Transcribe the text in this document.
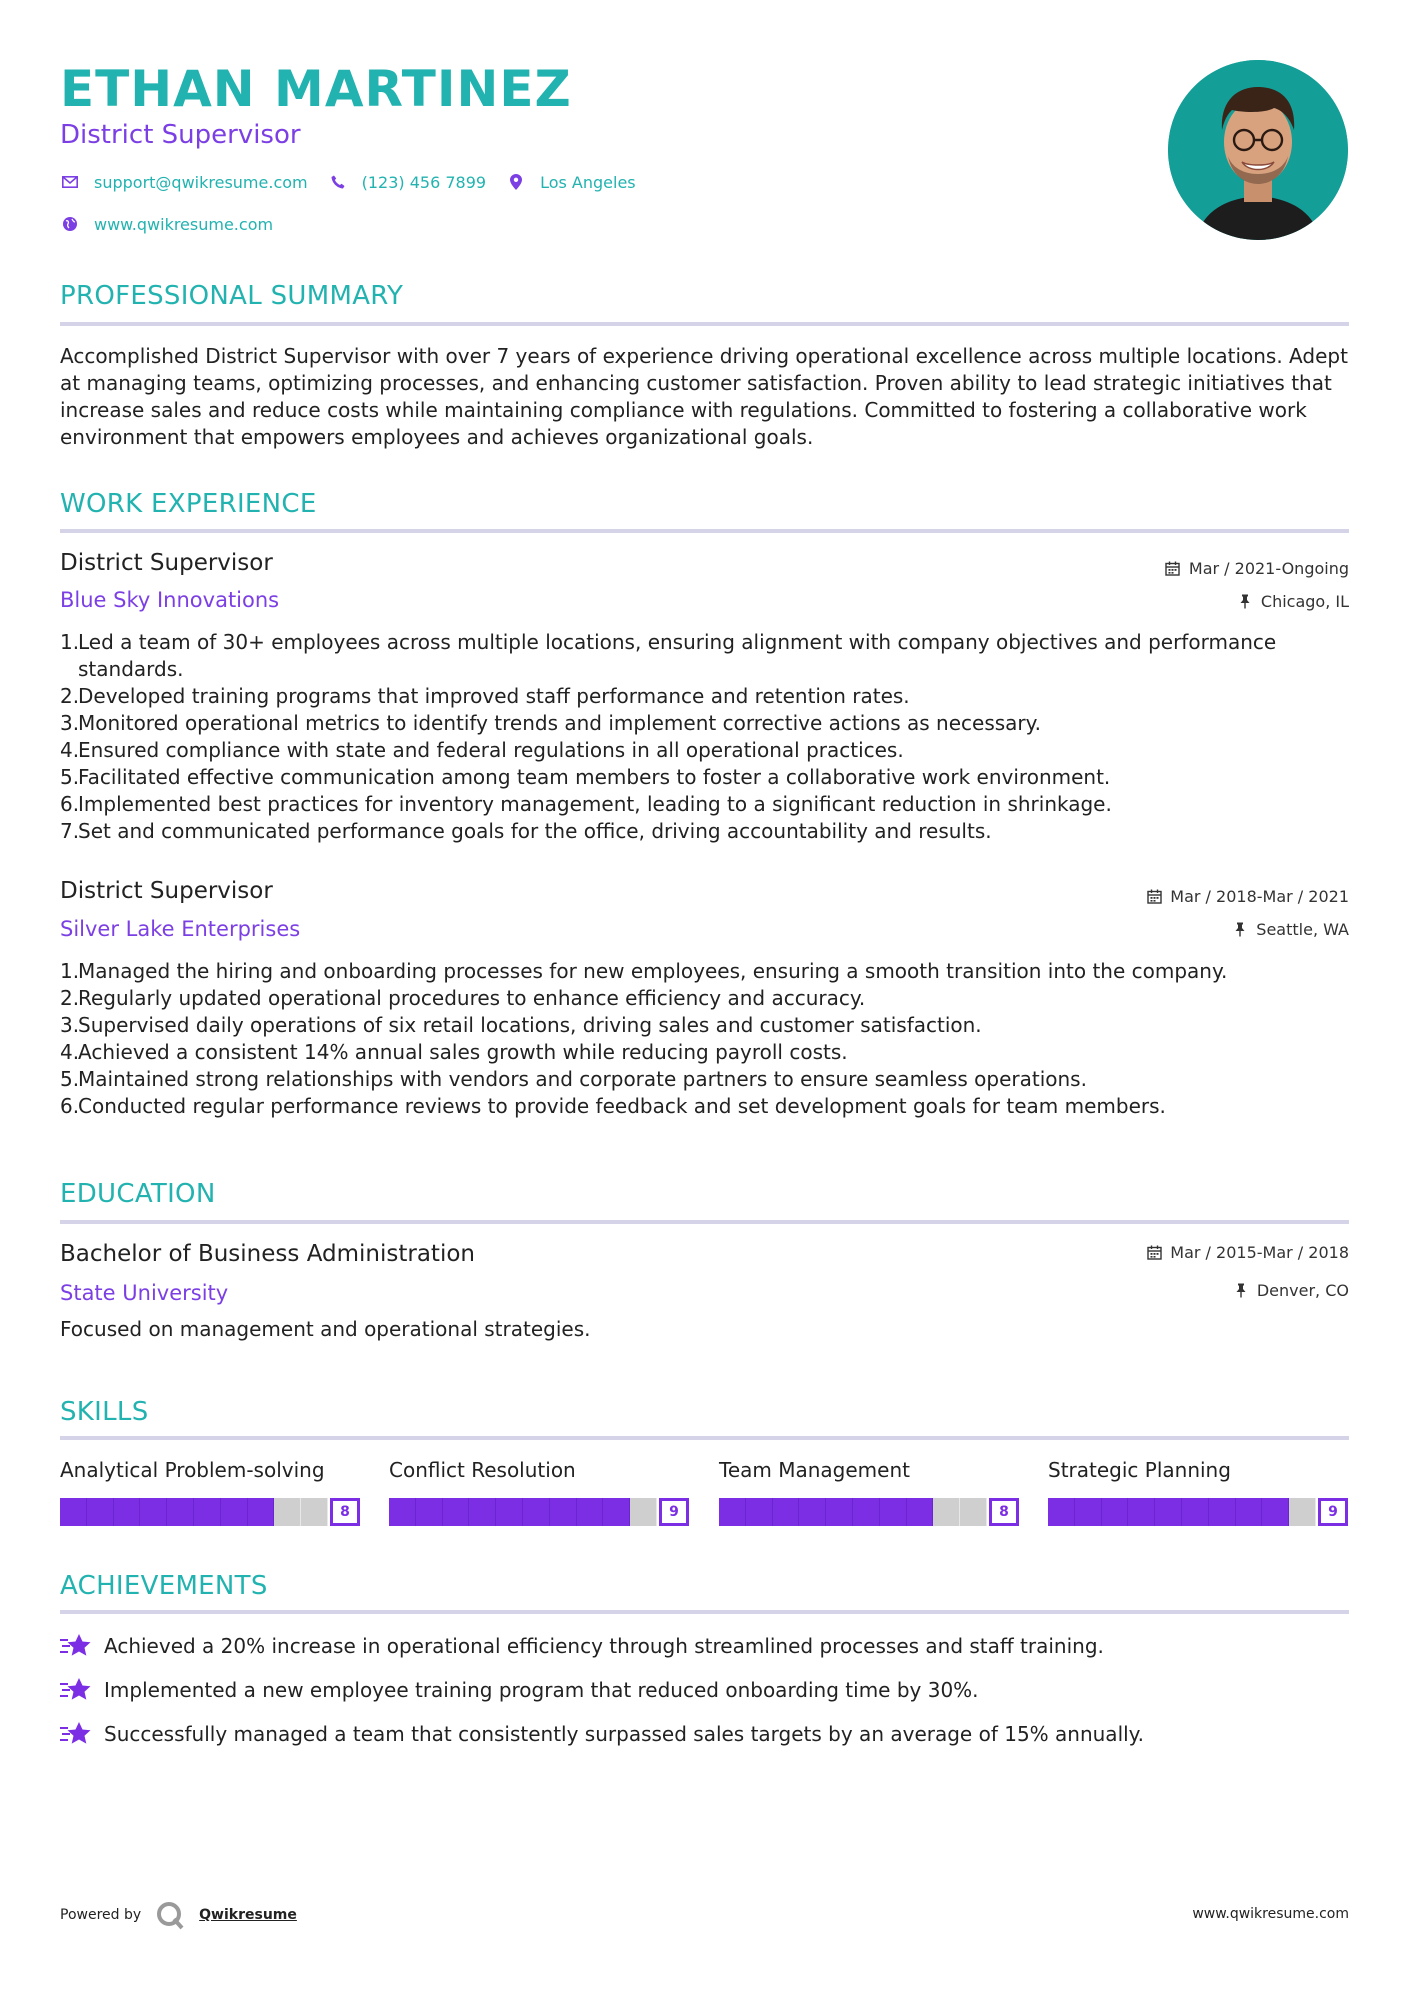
ETHAN MARTINEZ
District Supervisor
support@qwikresume.com	(123) 456 7899	Los Angeles
www.qwikresume.com
PROFESSIONAL SUMMARY
Accomplished District Supervisor with over 7 years of experience driving operational excellence across multiple locations. Adept at managing teams, optimizing processes, and enhancing customer satisfaction. Proven ability to lead strategic initiatives that increase sales and reduce costs while maintaining compliance with regulations. Committed to fostering a collaborative work environment that empowers employees and achieves organizational goals.
WORK EXPERIENCE
District Supervisor	Mar / 2021-Ongoing
Blue Sky Innovations	Chicago, IL
1.
Led a team of 30+ employees across multiple locations, ensuring alignment with company objectives and performance standards.
2.
Developed training programs that improved staff performance and retention rates.
3.
Monitored operational metrics to identify trends and implement corrective actions as necessary.
4.
Ensured compliance with state and federal regulations in all operational practices.
5.
Facilitated effective communication among team members to foster a collaborative work environment.
6.
Implemented best practices for inventory management, leading to a significant reduction in shrinkage.
7.
Set and communicated performance goals for the office, driving accountability and results.
District Supervisor	Mar / 2018-Mar / 2021
Silver Lake Enterprises	Seattle, WA
1.
Managed the hiring and onboarding processes for new employees, ensuring a smooth transition into the company.
2.
Regularly updated operational procedures to enhance efficiency and accuracy.
3.
Supervised daily operations of six retail locations, driving sales and customer satisfaction.
4.
Achieved a consistent 14% annual sales growth while reducing payroll costs.
5.
Maintained strong relationships with vendors and corporate partners to ensure seamless operations.
6.
Conducted regular performance reviews to provide feedback and set development goals for team members.
EDUCATION
Bachelor of Business Administration	Mar / 2015-Mar / 2018
State University	Denver, CO
Focused on management and operational strategies.
SKILLS
Analytical Problem-solving
8
Conflict Resolution
9
Team Management
8
Strategic Planning
9
ACHIEVEMENTS
Achieved a 20% increase in operational efficiency through streamlined processes and staff training.
Implemented a new employee training program that reduced onboarding time by 30%.
Successfully managed a team that consistently surpassed sales targets by an average of 15% annually.
Powered by	Qwikresume	www.qwikresume.com
